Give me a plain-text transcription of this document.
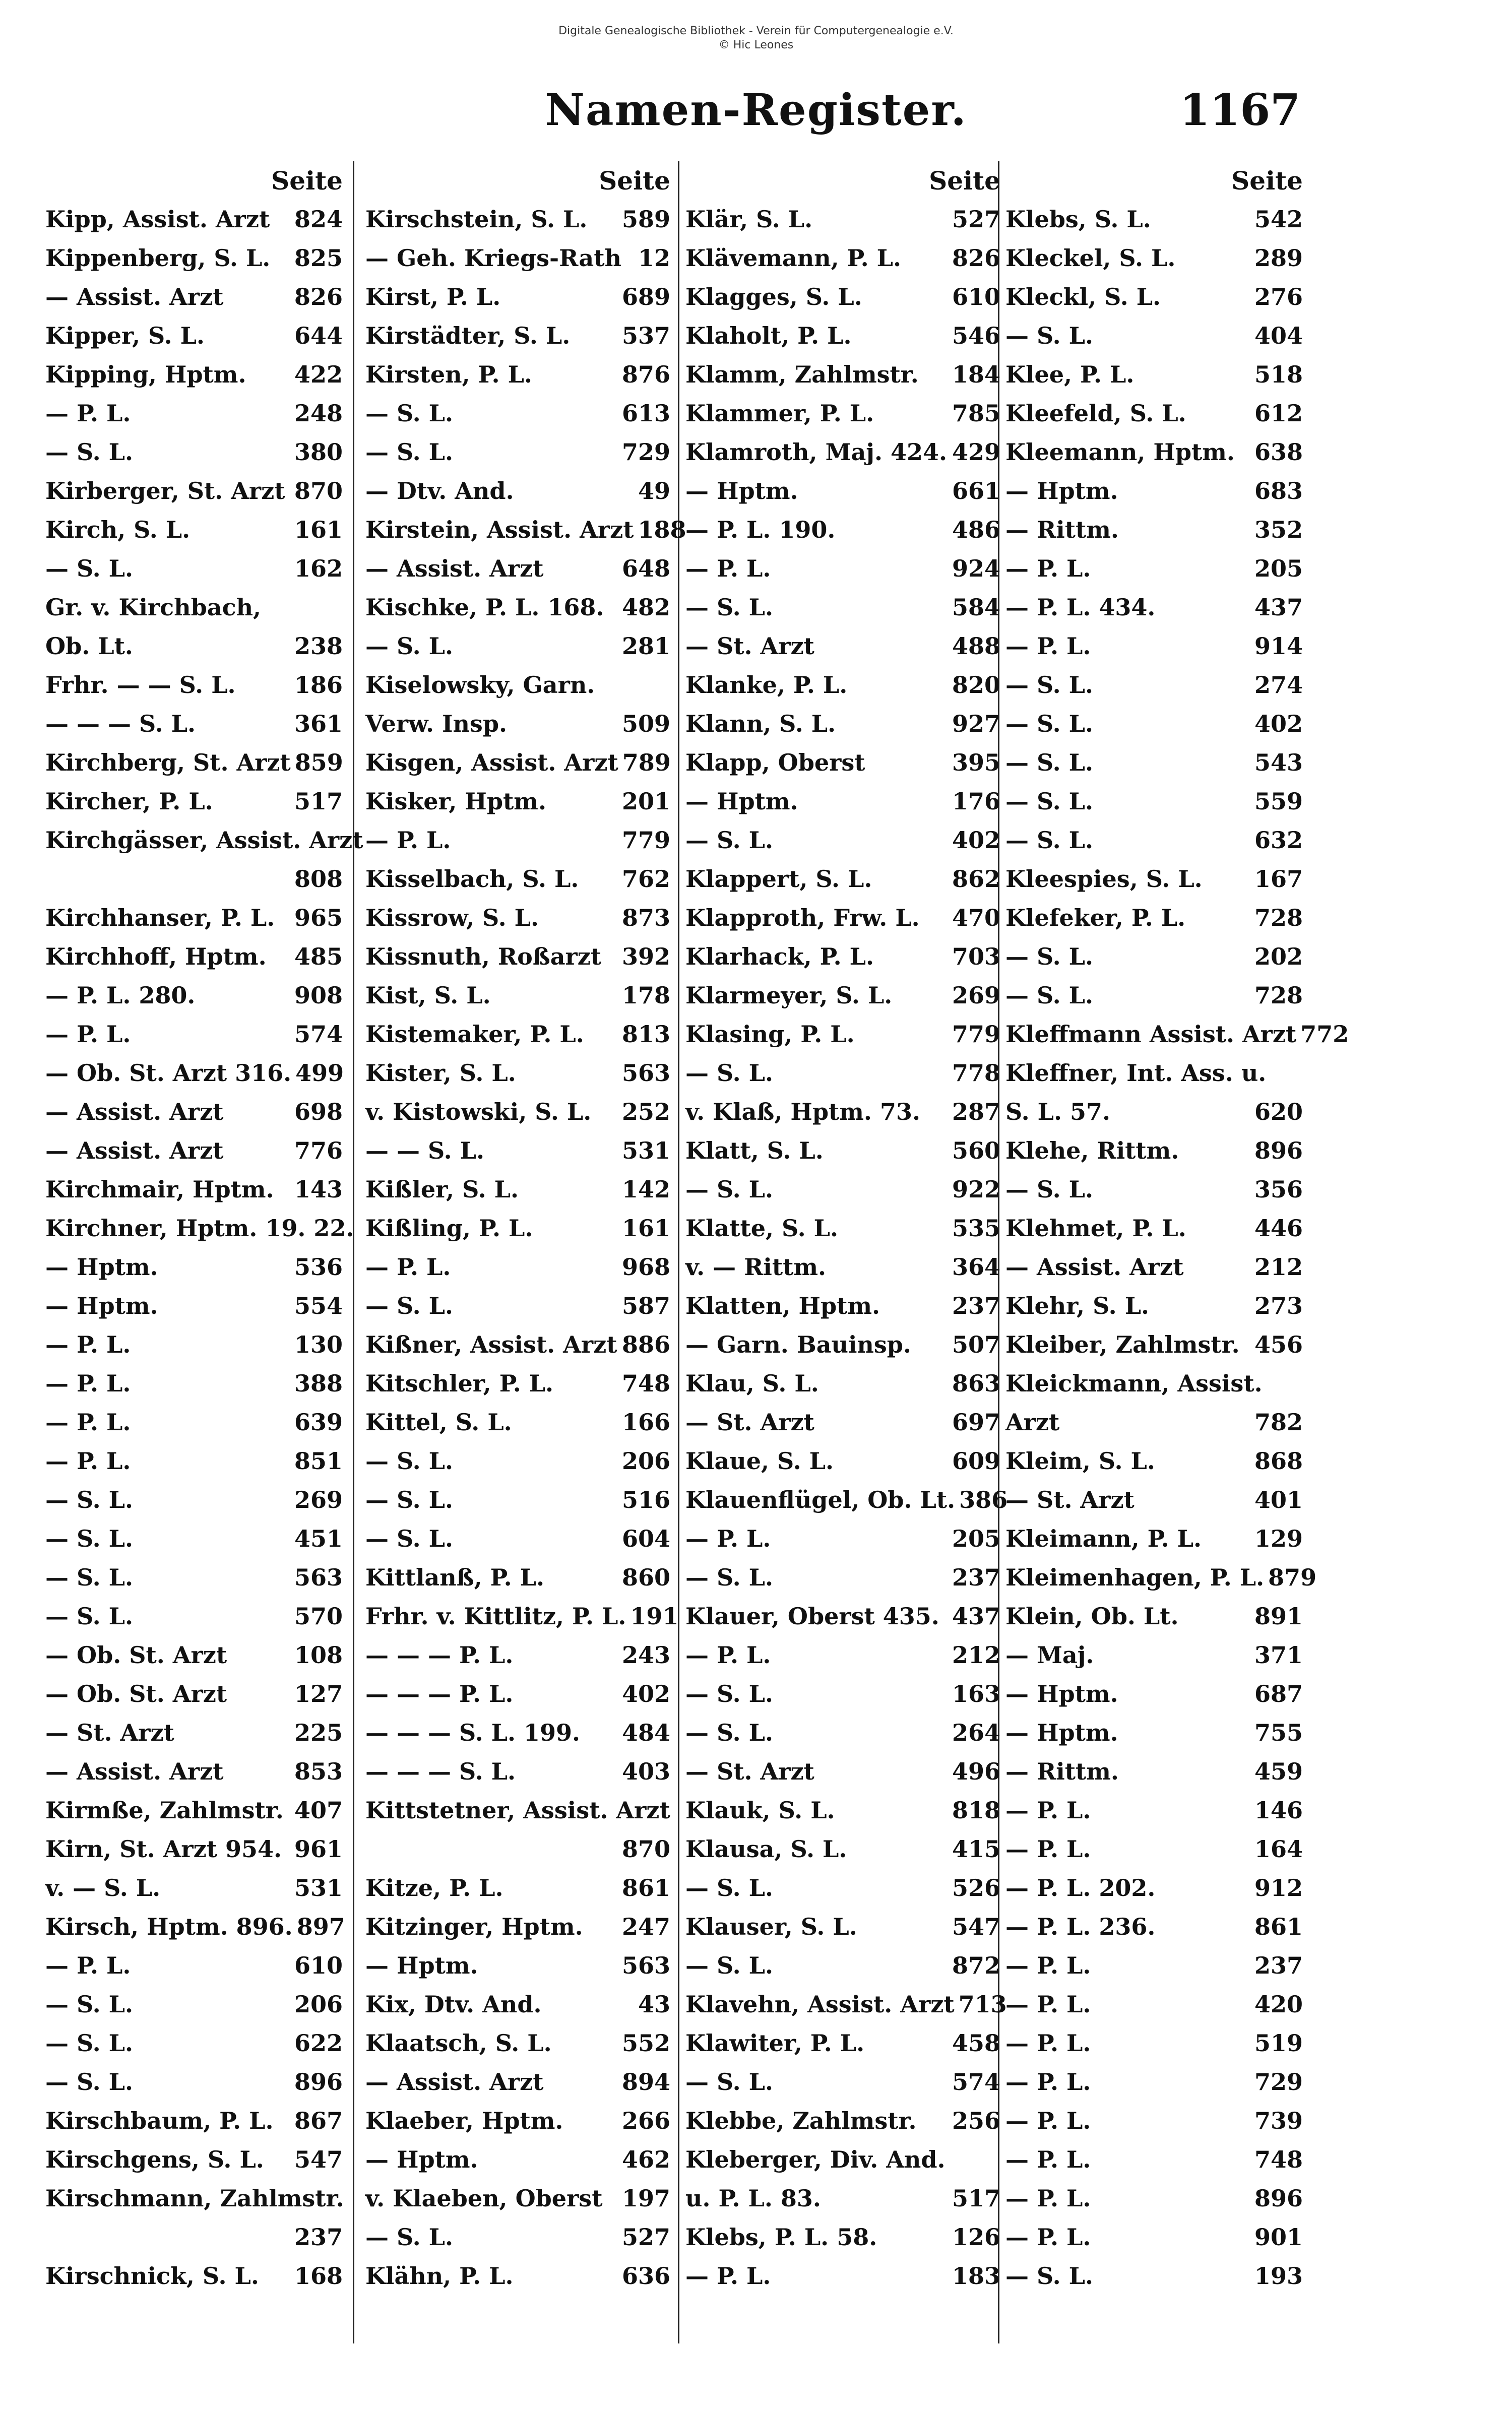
Digitale Genealogische Bibliothek - Verein für Computergenealogie e.V.
© Hic Leones
Namen-Register.	1167
Seite
Kipp, Assist. Arzt 824
Kippenberg, S. L. 825
— Assist. Arzt	826
Kipper, S. L.	644
Kipping, Hptm. 422
— P. L.	248
— S. L.	380
Kirberger, St. Arzt 870
Kirch, S. L.	161
— S. L.	162
Gr. v. Kirchbach,
Ob. Lt.	238
Frhr. — — S. L.	186
— — — S. L.	361
Kirchberg, St. Arzt 859
Kircher, P. L.	517
Kirchgässer, Assist. Arzt
808
Kirchhanser, P. L. 965
Kirchhoff, Hptm. 485
— P. L. 280.	908
— P. L.	574
— Ob. St. Arzt 316. 499
— Assist. Arzt	698
— Assist. Arzt	776
Kirchmair, Hptm. 143
Kirchner, Hptm. 19. 22.
— Hptm.	536
— Hptm.	554
— P. L.	130
— P. L.	388
— P. L.	639
— P. L.	851
— S. L.	269
— S. L.	451
— S. L.	563
— S. L.	570
— Ob. St. Arzt	108
— Ob. St. Arzt	127
— St. Arzt	225
— Assist. Arzt	853
Kirmße, Zahlmstr. 407
Kirn, St. Arzt 954. 961
v. — S. L.	531
Kirsch, Hptm. 896. 897
— P. L.	610
— S. L.	206
— S. L.	622
— S. L.	896
Kirschbaum, P. L. 867
Kirschgens, S. L. 547
Kirschmann, Zahlmstr.
237
Kirschnick, S. L. 168
Seite
Kirschstein, S. L. 589
— Geh. Kriegs-Rath 12
Kirst, P. L.	689
Kirstädter, S. L. 537
Kirsten, P. L.	876
— S. L.	613
— S. L.	729
— Dtv. And.	49
Kirstein, Assist. Arzt 188
— Assist. Arzt	648
Kischke, P. L. 168. 482
— S. L.	281
Kiselowsky, Garn.
Verw. Insp.	509
Kisgen, Assist. Arzt 789
Kisker, Hptm.	201
— P. L.	779
Kisselbach, S. L. 762
Kissrow, S. L.	873
Kissnuth, Roßarzt 392
Kist, S. L.	178
Kistemaker, P. L. 813
Kister, S. L.	563
v. Kistowski, S. L. 252
— — S. L.	531
Kißler, S. L.	142
Kißling, P. L.	161
— P. L.	968
— S. L.	587
Kißner, Assist. Arzt 886
Kitschler, P. L.	748
Kittel, S. L.	166
— S. L.	206
— S. L.	516
— S. L.	604
Kittlanß, P. L.	860
Frhr. v. Kittlitz, P. L. 191
— — — P. L.	243
— — — P. L.	402
— — — S. L. 199. 484
— — — S. L.	403
Kittstetner, Assist. Arzt
870
Kitze, P. L.	861
Kitzinger, Hptm. 247
— Hptm.	563
Kix, Dtv. And.	43
Klaatsch, S. L.	552
— Assist. Arzt	894
Klaeber, Hptm.	266
— Hptm.	462
v. Klaeben, Oberst 197
— S. L.	527
Klähn, P. L.	636
Seite
Klär, S. L.	527
Klävemann, P. L. 826
Klagges, S. L.	610
Klaholt, P. L.	546
Klamm, Zahlmstr. 184
Klammer, P. L.	785
Klamroth, Maj. 424. 429
— Hptm.	661
— P. L. 190.	486
— P. L.	924
— S. L.	584
— St. Arzt	488
Klanke, P. L.	820
Klann, S. L.	927
Klapp, Oberst	395
— Hptm.	176
— S. L.	402
Klappert, S. L.	862
Klapproth, Frw. L. 470
Klarhack, P. L.	703
Klarmeyer, S. L.	269
Klasing, P. L.	779
— S. L.	778
v. Klaß, Hptm. 73. 287
Klatt, S. L.	560
— S. L.	922
Klatte, S. L.	535
v. — Rittm.	364
Klatten, Hptm.	237
— Garn. Bauinsp. 507
Klau, S. L.	863
— St. Arzt	697
Klaue, S. L.	609
Klauenflügel, Ob. Lt. 386
— P. L.	205
— S. L.	237
Klauer, Oberst 435. 437
— P. L.	212
— S. L.	163
— S. L.	264
— St. Arzt	496
Klauk, S. L.	818
Klausa, S. L.	415
— S. L.	526
Klauser, S. L.	547
— S. L.	872
Klavehn, Assist. Arzt 713
Klawiter, P. L.	458
— S. L.	574
Klebbe, Zahlmstr. 256
Kleberger, Div. And.
u. P. L. 83.	517
Klebs, P. L. 58.	126
— P. L.	183
Seite
Klebs, S. L.	542
Kleckel, S. L.	289
Kleckl, S. L.	276
— S. L.	404
Klee, P. L.	518
Kleefeld, S. L.	612
Kleemann, Hptm. 638
— Hptm.	683
— Rittm.	352
— P. L.	205
— P. L. 434.	437
— P. L.	914
— S. L.	274
— S. L.	402
— S. L.	543
— S. L.	559
— S. L.	632
Kleespies, S. L. 167
Klefeker, P. L.	728
— S. L.	202
— S. L.	728
Kleffmann Assist. Arzt 772
Kleffner, Int. Ass. u.
S. L. 57.	620
Klehe, Rittm.	896
— S. L.	356
Klehmet, P. L.	446
— Assist. Arzt	212
Klehr, S. L.	273
Kleiber, Zahlmstr. 456
Kleickmann, Assist.
Arzt	782
Kleim, S. L.	868
— St. Arzt	401
Kleimann, P. L. 129
Kleimenhagen, P. L. 879
Klein, Ob. Lt.	891
— Maj.	371
— Hptm.	687
— Hptm.	755
— Rittm.	459
— P. L.	146
— P. L.	164
— P. L. 202.	912
— P. L. 236.	861
— P. L.	237
— P. L.	420
— P. L.	519
— P. L.	729
— P. L.	739
— P. L.	748
— P. L.	896
— P. L.	901
— S. L.	193
